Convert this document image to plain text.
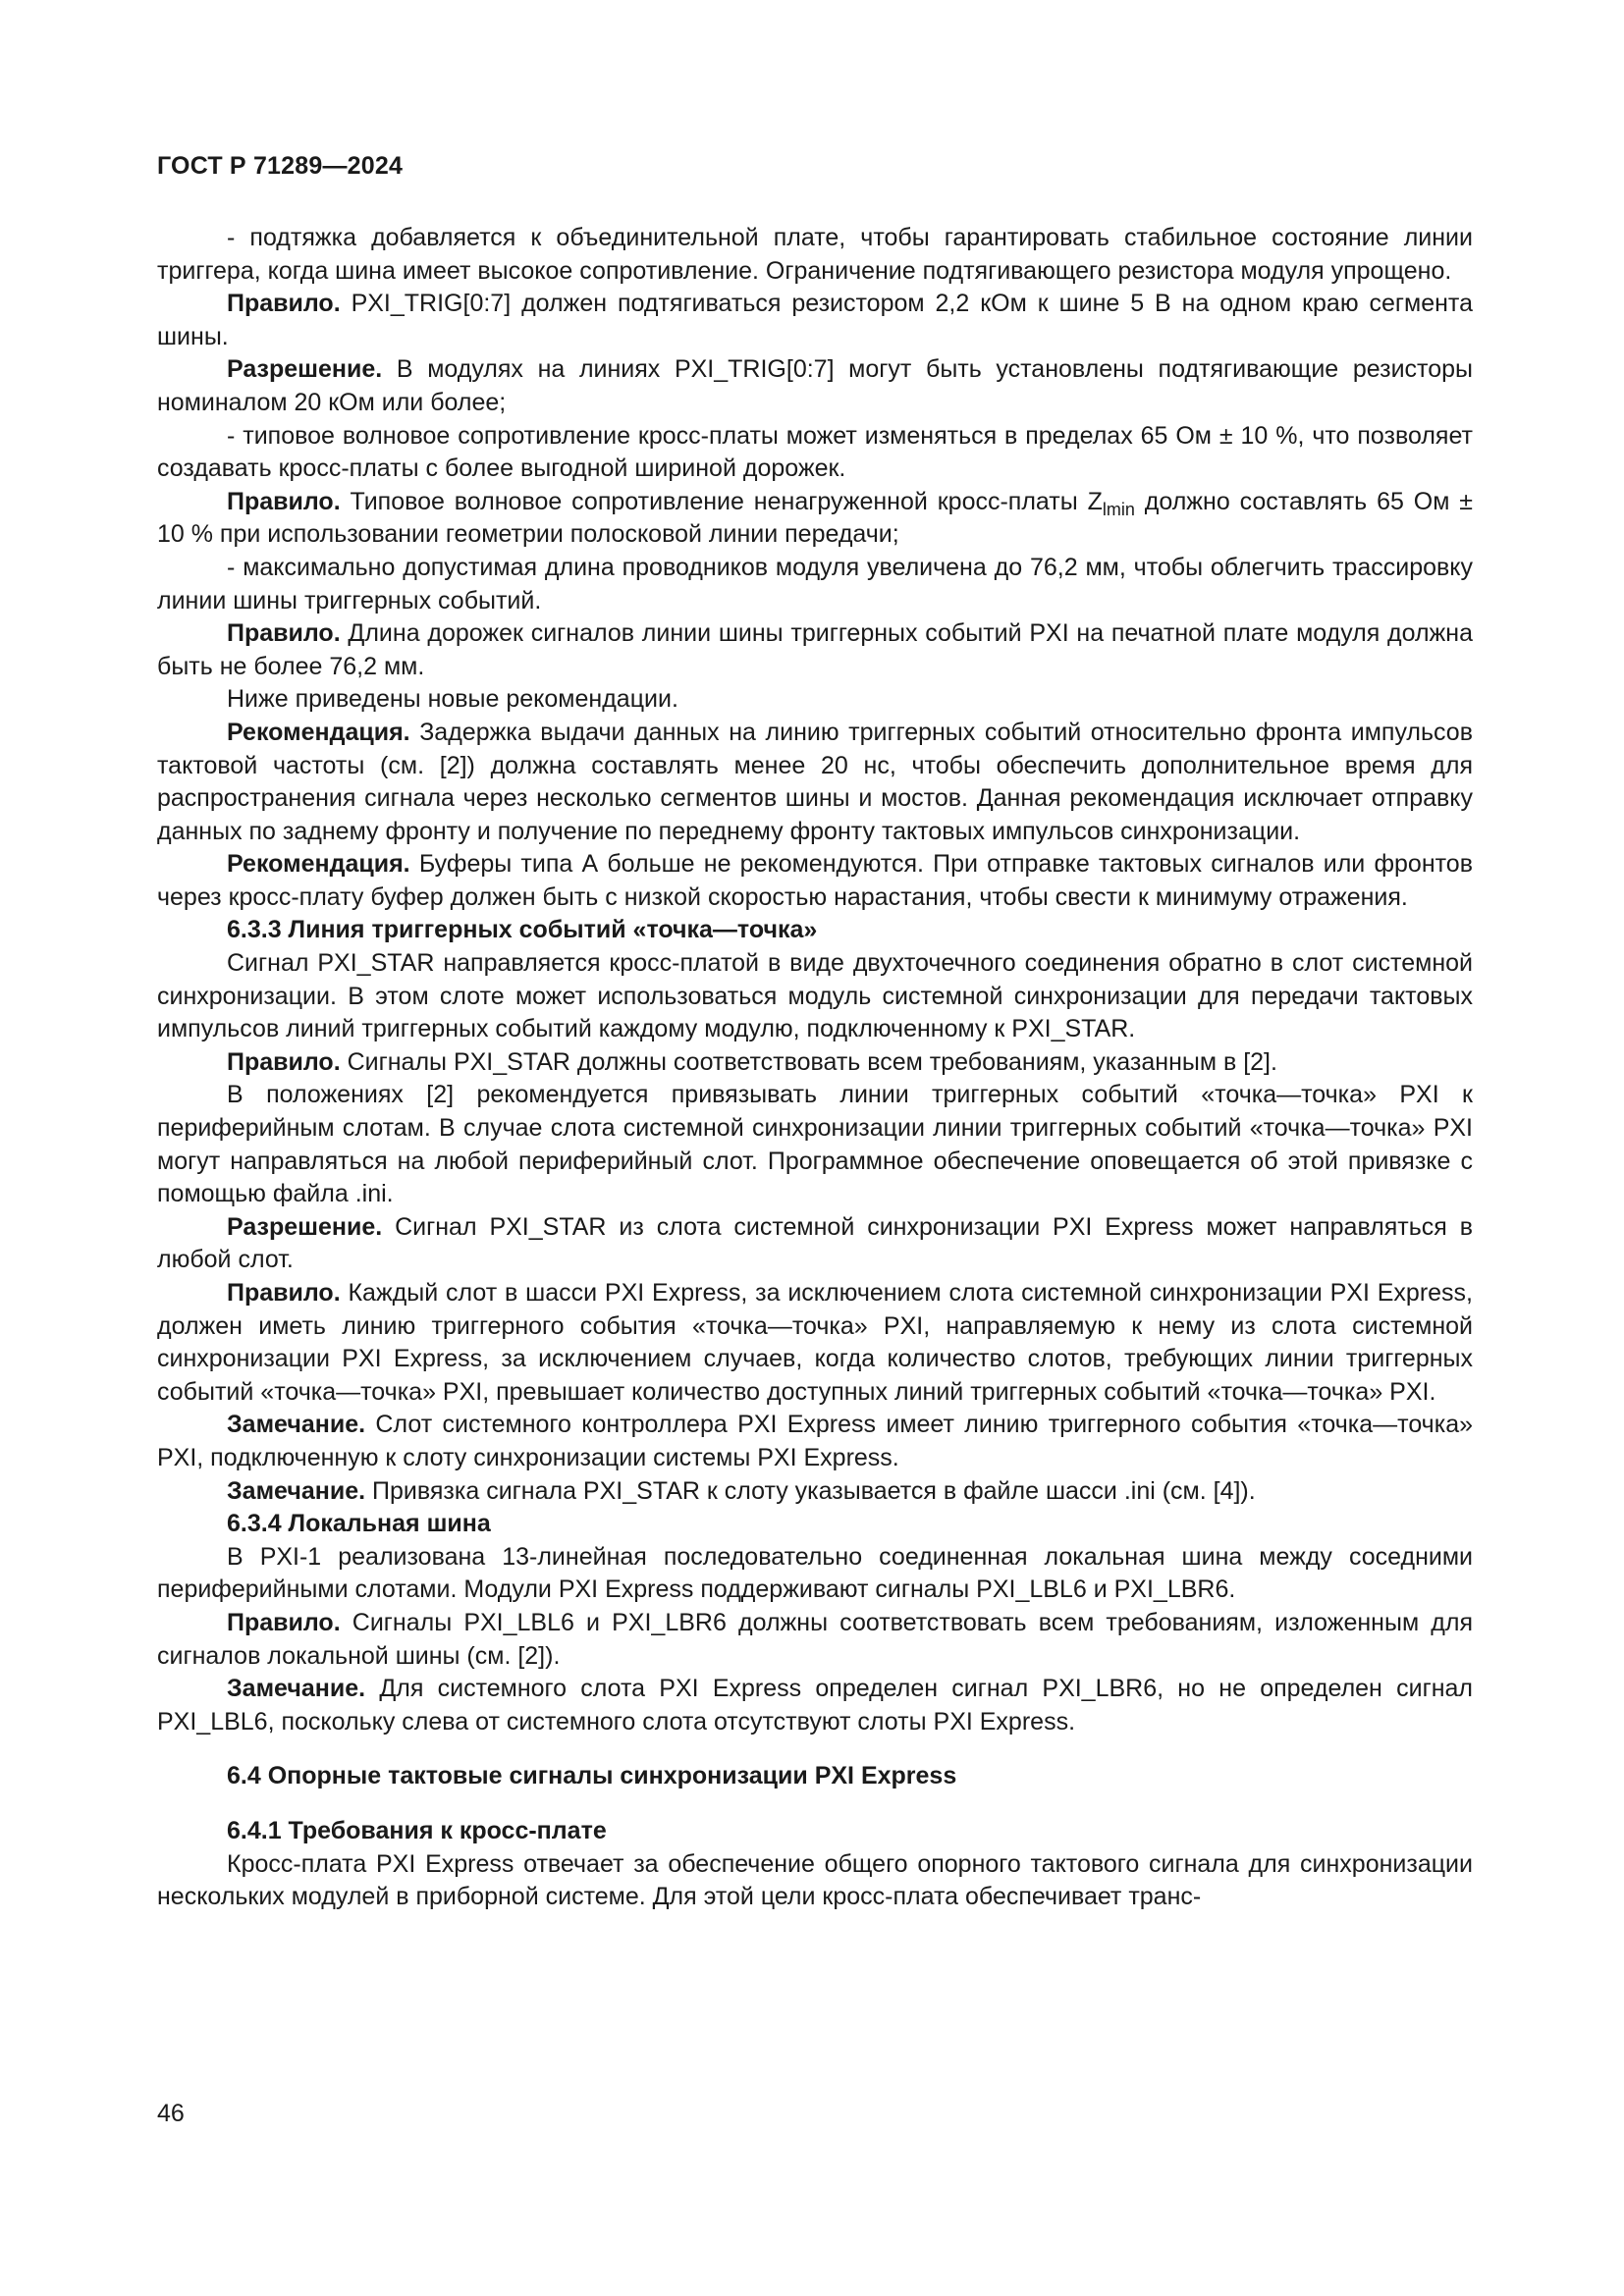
ГОСТ Р 71289—2024

- подтяжка добавляется к объединительной плате, чтобы гарантировать стабильное состояние линии триггера, когда шина имеет высокое сопротивление. Ограничение подтягивающего резистора модуля упрощено.

Правило. PXI_TRIG[0:7] должен подтягиваться резистором 2,2 кОм к шине 5 В на одном краю сегмента шины.

Разрешение. В модулях на линиях PXI_TRIG[0:7] могут быть установлены подтягивающие резисторы номиналом 20 кОм или более;

- типовое волновое сопротивление кросс-платы может изменяться в пределах 65 Ом ± 10 %, что позволяет создавать кросс-платы с более выгодной шириной дорожек.

Правило. Типовое волновое сопротивление ненагруженной кросс-платы $Z_{lmin}$ должно составлять 65 Ом ± 10 % при использовании геометрии полосковой линии передачи;

- максимально допустимая длина проводников модуля увеличена до 76,2 мм, чтобы облегчить трассировку линии шины триггерных событий.

Правило. Длина дорожек сигналов линии шины триггерных событий PXI на печатной плате модуля должна быть не более 76,2 мм.

Ниже приведены новые рекомендации.

Рекомендация. Задержка выдачи данных на линию триггерных событий относительно фронта импульсов тактовой частоты (см. [2]) должна составлять менее 20 нс, чтобы обеспечить дополнительное время для распространения сигнала через несколько сегментов шины и мостов. Данная рекомендация исключает отправку данных по заднему фронту и получение по переднему фронту тактовых импульсов синхронизации.

Рекомендация. Буферы типа А больше не рекомендуются. При отправке тактовых сигналов или фронтов через кросс-плату буфер должен быть с низкой скоростью нарастания, чтобы свести к минимуму отражения.

6.3.3 Линия триггерных событий «точка—точка»

Сигнал PXI_STAR направляется кросс-платой в виде двухточечного соединения обратно в слот системной синхронизации. В этом слоте может использоваться модуль системной синхронизации для передачи тактовых импульсов линий триггерных событий каждому модулю, подключенному к PXI_STAR.

Правило. Сигналы PXI_STAR должны соответствовать всем требованиям, указанным в [2].

В положениях [2] рекомендуется привязывать линии триггерных событий «точка—точка» PXI к периферийным слотам. В случае слота системной синхронизации линии триггерных событий «точка—точка» PXI могут направляться на любой периферийный слот. Программное обеспечение оповещается об этой привязке с помощью файла .ini.

Разрешение. Сигнал PXI_STAR из слота системной синхронизации PXI Express может направляться в любой слот.

Правило. Каждый слот в шасси PXI Express, за исключением слота системной синхронизации PXI Express, должен иметь линию триггерного события «точка—точка» PXI, направляемую к нему из слота системной синхронизации PXI Express, за исключением случаев, когда количество слотов, требующих линии триггерных событий «точка—точка» PXI, превышает количество доступных линий триггерных событий «точка—точка» PXI.

Замечание. Слот системного контроллера PXI Express имеет линию триггерного события «точка—точка» PXI, подключенную к слоту синхронизации системы PXI Express.

Замечание. Привязка сигнала PXI_STAR к слоту указывается в файле шасси .ini (см. [4]).

6.3.4 Локальная шина

В PXI-1 реализована 13-линейная последовательно соединенная локальная шина между соседними периферийными слотами. Модули PXI Express поддерживают сигналы PXI_LBL6 и PXI_LBR6.

Правило. Сигналы PXI_LBL6 и PXI_LBR6 должны соответствовать всем требованиям, изложенным для сигналов локальной шины (см. [2]).

Замечание. Для системного слота PXI Express определен сигнал PXI_LBR6, но не определен сигнал PXI_LBL6, поскольку слева от системного слота отсутствуют слоты PXI Express.

6.4 Опорные тактовые сигналы синхронизации PXI Express

6.4.1 Требования к кросс-плате

Кросс-плата PXI Express отвечает за обеспечение общего опорного тактового сигнала для синхронизации нескольких модулей в приборной системе. Для этой цели кросс-плата обеспечивает транс-

46
